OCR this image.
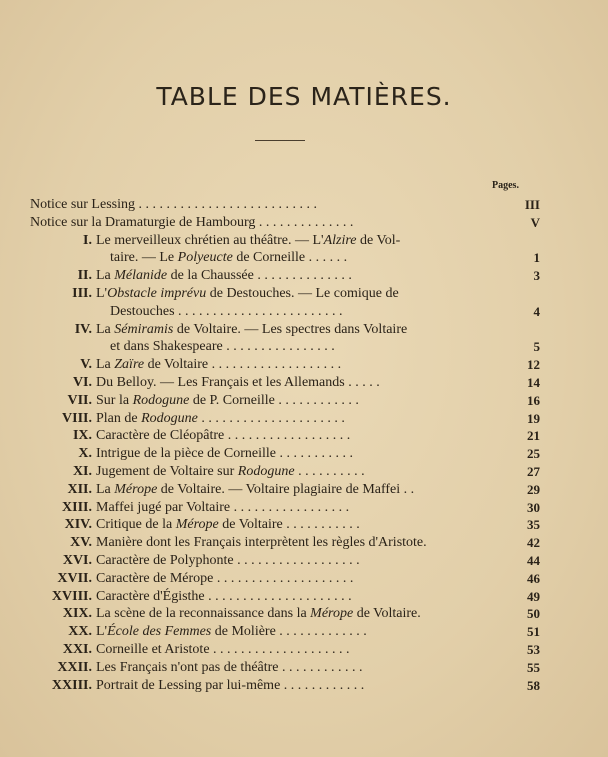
TABLE DES MATIÈRES.
Pages.
Notice sur Lessing . . . . . . . . . . . . . . . . . . . . . . . . . .	III
Notice sur la Dramaturgie de Hambourg . . . . . . . . . . . . . .	V
I. Le merveilleux chrétien au théâtre. — L'Alzire de Vol-
taire. — Le Polyeucte de Corneille . . . . . .	1
II. La Mélanide de la Chaussée . . . . . . . . . . . . . .	3
III. L'Obstacle imprévu de Destouches. — Le comique de
Destouches . . . . . . . . . . . . . . . . . . . . . . . .	4
IV. La Sémiramis de Voltaire. — Les spectres dans Voltaire
et dans Shakespeare . . . . . . . . . . . . . . . .	5
V. La Zaïre de Voltaire . . . . . . . . . . . . . . . . . . .	12
VI. Du Belloy. — Les Français et les Allemands . . . . .	14
VII. Sur la Rodogune de P. Corneille . . . . . . . . . . . .	16
VIII. Plan de Rodogune . . . . . . . . . . . . . . . . . . . . .	19
IX. Caractère de Cléopâtre . . . . . . . . . . . . . . . . . .	21
X. Intrigue de la pièce de Corneille . . . . . . . . . . .	25
XI. Jugement de Voltaire sur Rodogune . . . . . . . . . .	27
XII. La Mérope de Voltaire. — Voltaire plagiaire de Maffei . .	29
XIII. Maffei jugé par Voltaire . . . . . . . . . . . . . . . . .	30
XIV. Critique de la Mérope de Voltaire . . . . . . . . . . .	35
XV. Manière dont les Français interprètent les règles d'Aristote.	42
XVI. Caractère de Polyphonte . . . . . . . . . . . . . . . . . .	44
XVII. Caractère de Mérope . . . . . . . . . . . . . . . . . . . .	46
XVIII. Caractère d'Égisthe . . . . . . . . . . . . . . . . . . . . .	49
XIX. La scène de la reconnaissance dans la Mérope de Voltaire.	50
XX. L'École des Femmes de Molière . . . . . . . . . . . . .	51
XXI. Corneille et Aristote . . . . . . . . . . . . . . . . . . . .	53
XXII. Les Français n'ont pas de théâtre . . . . . . . . . . . .	55
XXIII. Portrait de Lessing par lui-même . . . . . . . . . . . .	58
